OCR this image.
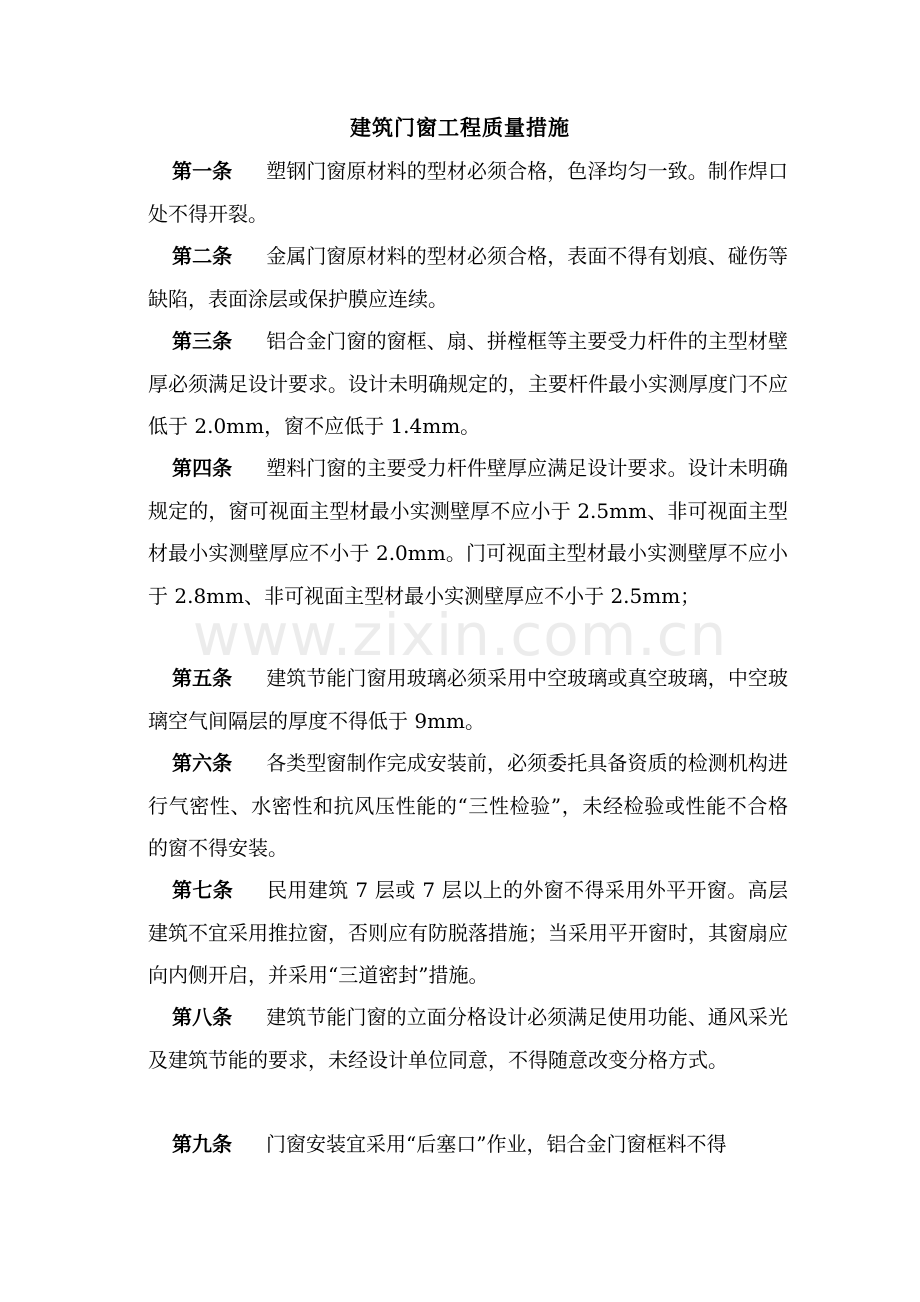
建筑门窗工程质量措施

第一条 塑钢门窗原材料的型材必须合格，色泽均匀一致。制作焊口处不得开裂。

第二条 金属门窗原材料的型材必须合格，表面不得有划痕、碰伤等缺陷，表面涂层或保护膜应连续。

第三条 铝合金门窗的窗框、扇、拼樘框等主要受力杆件的主型材壁厚必须满足设计要求。设计未明确规定的，主要杆件最小实测厚度门不应低于 2.0mm，窗不应低于 1.4mm。

第四条 塑料门窗的主要受力杆件壁厚应满足设计要求。设计未明确规定的，窗可视面主型材最小实测壁厚不应小于 2.5mm、非可视面主型材最小实测壁厚应不小于 2.0mm。门可视面主型材最小实测壁厚不应小于 2.8mm、非可视面主型材最小实测壁厚应不小于 2.5mm；

第五条 建筑节能门窗用玻璃必须采用中空玻璃或真空玻璃，中空玻璃空气间隔层的厚度不得低于 9mm。

第六条 各类型窗制作完成安装前，必须委托具备资质的检测机构进行气密性、水密性和抗风压性能的“三性检验”，未经检验或性能不合格的窗不得安装。

第七条 民用建筑 7 层或 7 层以上的外窗不得采用外平开窗。高层建筑不宜采用推拉窗，否则应有防脱落措施；当采用平开窗时，其窗扇应向内侧开启，并采用“三道密封”措施。

第八条 建筑节能门窗的立面分格设计必须满足使用功能、通风采光及建筑节能的要求，未经设计单位同意，不得随意改变分格方式。

第九条 门窗安装宜采用“后塞口”作业，铝合金门窗框料不得

www.zixin.com.cn
